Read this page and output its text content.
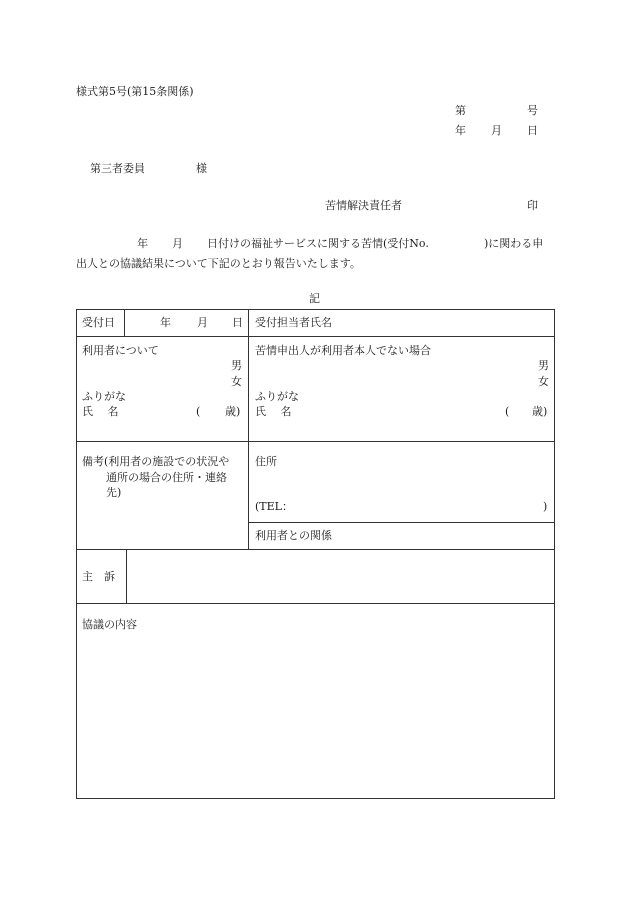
様式第5号(第15条関係)
第	号
年 月 日
第三者委員	様
苦情解決責任者	印
年 月 日付けの福祉サービスに関する苦情(受付No.	)に関わる申
出人との協議結果について下記のとおり報告いたします。
記
受付日	年 月 日 受付担当者氏名
利用者について
男
女
ふりがな
氏　 名	( 歳)
苦情申出人が利用者本人でない場合
男
女
ふりがな
氏　 名	( 歳)
備考(利用者の施設での状況や
通所の場合の住所・連絡
先)
住所
(TEL：	)
利用者との関係
主　訴
協議の内容
